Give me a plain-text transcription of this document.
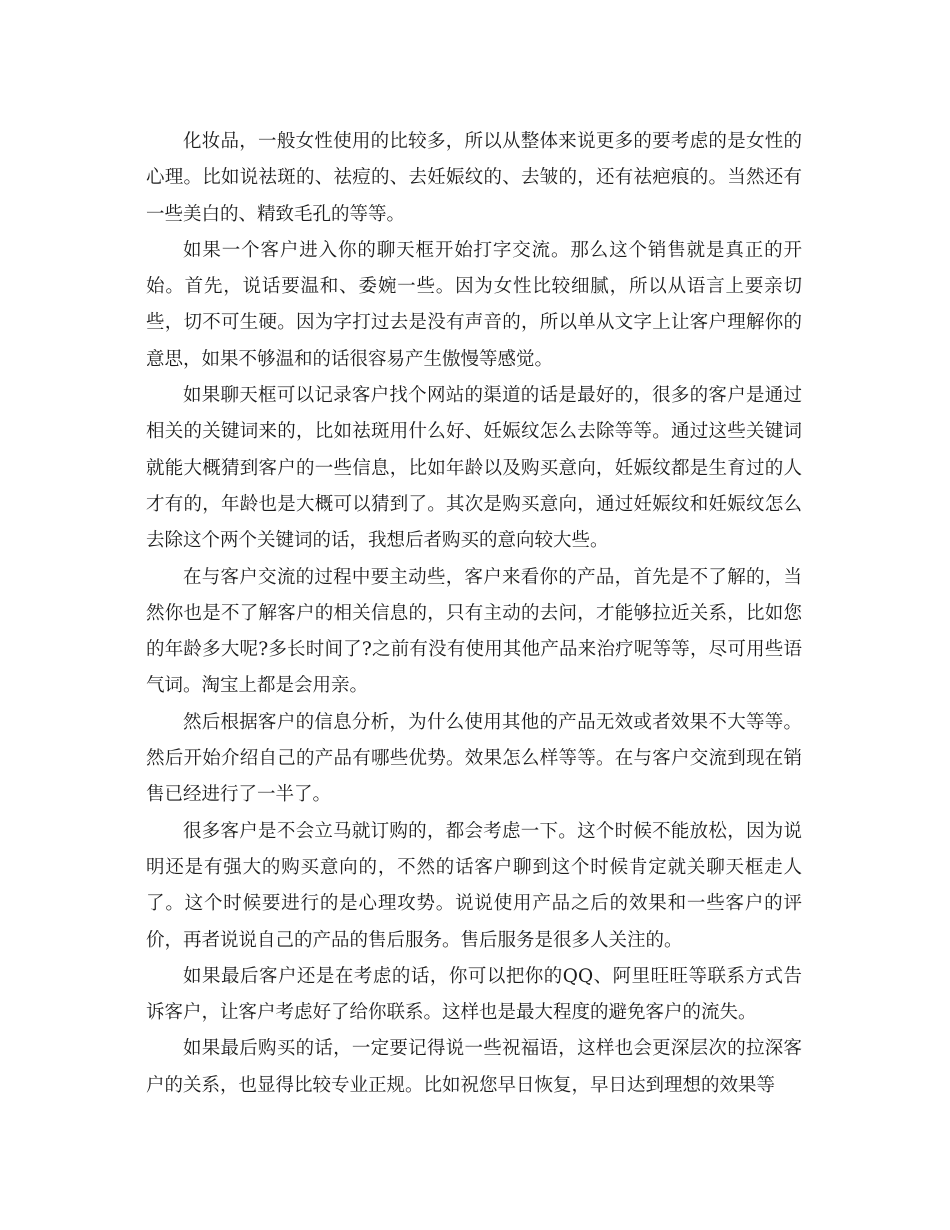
化妆品，一般女性使用的比较多，所以从整体来说更多的要考虑的是女性的心理。比如说祛斑的、祛痘的、去妊娠纹的、去皱的，还有祛疤痕的。当然还有一些美白的、精致毛孔的等等。

如果一个客户进入你的聊天框开始打字交流。那么这个销售就是真正的开始。首先，说话要温和、委婉一些。因为女性比较细腻，所以从语言上要亲切些，切不可生硬。因为字打过去是没有声音的，所以单从文字上让客户理解你的意思，如果不够温和的话很容易产生傲慢等感觉。

如果聊天框可以记录客户找个网站的渠道的话是最好的，很多的客户是通过相关的关键词来的，比如祛斑用什么好、妊娠纹怎么去除等等。通过这些关键词就能大概猜到客户的一些信息，比如年龄以及购买意向，妊娠纹都是生育过的人才有的，年龄也是大概可以猜到了。其次是购买意向，通过妊娠纹和妊娠纹怎么去除这个两个关键词的话，我想后者购买的意向较大些。

在与客户交流的过程中要主动些，客户来看你的产品，首先是不了解的，当然你也是不了解客户的相关信息的，只有主动的去问，才能够拉近关系，比如您的年龄多大呢?多长时间了?之前有没有使用其他产品来治疗呢等等，尽可用些语气词。淘宝上都是会用亲。

然后根据客户的信息分析，为什么使用其他的产品无效或者效果不大等等。然后开始介绍自己的产品有哪些优势。效果怎么样等等。在与客户交流到现在销售已经进行了一半了。

很多客户是不会立马就订购的，都会考虑一下。这个时候不能放松，因为说明还是有强大的购买意向的，不然的话客户聊到这个时候肯定就关聊天框走人了。这个时候要进行的是心理攻势。说说使用产品之后的效果和一些客户的评价，再者说说自己的产品的售后服务。售后服务是很多人关注的。

如果最后客户还是在考虑的话，你可以把你的QQ、阿里旺旺等联系方式告诉客户，让客户考虑好了给你联系。这样也是最大程度的避免客户的流失。

如果最后购买的话，一定要记得说一些祝福语，这样也会更深层次的拉深客户的关系，也显得比较专业正规。比如祝您早日恢复，早日达到理想的效果等
